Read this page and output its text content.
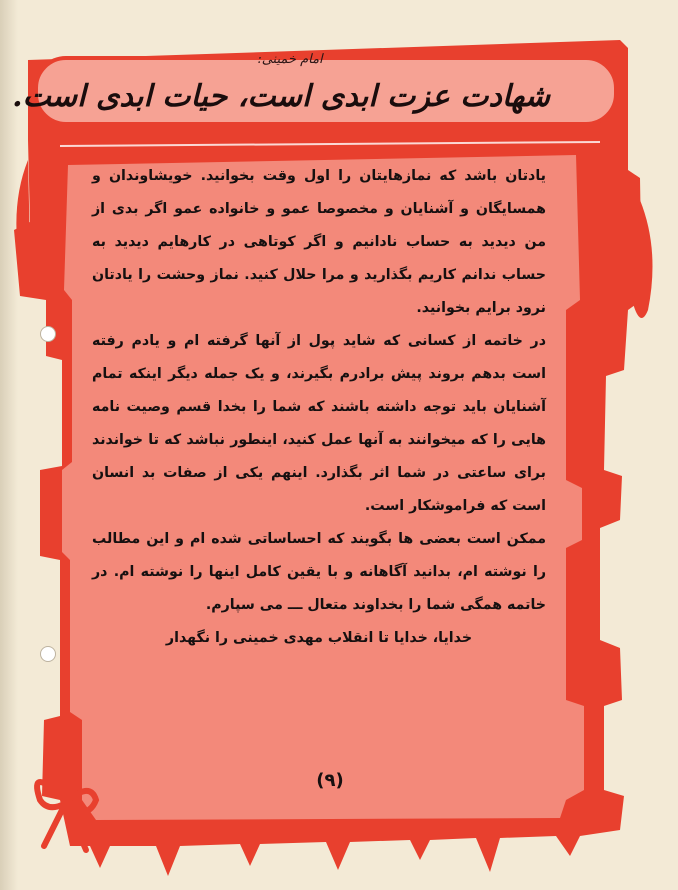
امام خمینی:
شهادت عزت ابدی است، حیات ابدی است.

یادتان باشد که نمازهایتان را اول وقت بخوانید. خویشاوندان و همسایگان و آشنایان و مخصوصا عمو و خانواده عمو اگر بدی از من دیدید به حساب نادانیم و اگر کوتاهی در کارهایم دیدید به حساب ندانم کاریم بگذارید و مرا حلال کنید. نماز وحشت را یادتان نرود برایم بخوانید.

در خاتمه از کسانی که شاید پول از آنها گرفته ام و یادم رفته است بدهم بروند پیش برادرم بگیرند، و یک جمله دیگر اینکه تمام آشنایان باید توجه داشته باشند که شما را بخدا قسم وصیت نامه هایی را که میخوانند به آنها عمل کنید، اینطور نباشد که تا خواندند برای ساعتی در شما اثر بگذارد. اینهم یکی از صفات بد انسان است که فراموشکار است.

ممکن است بعضی ها بگویند که احساساتی شده ام و این مطالب را نوشته ام، بدانید آگاهانه و با یقین کامل اینها را نوشته ام. در خاتمه همگی شما را بخداوند متعال ـــ می سپارم.

خدایا، خدایا تا انقلاب مهدی خمینی را نگهدار

(۹)
